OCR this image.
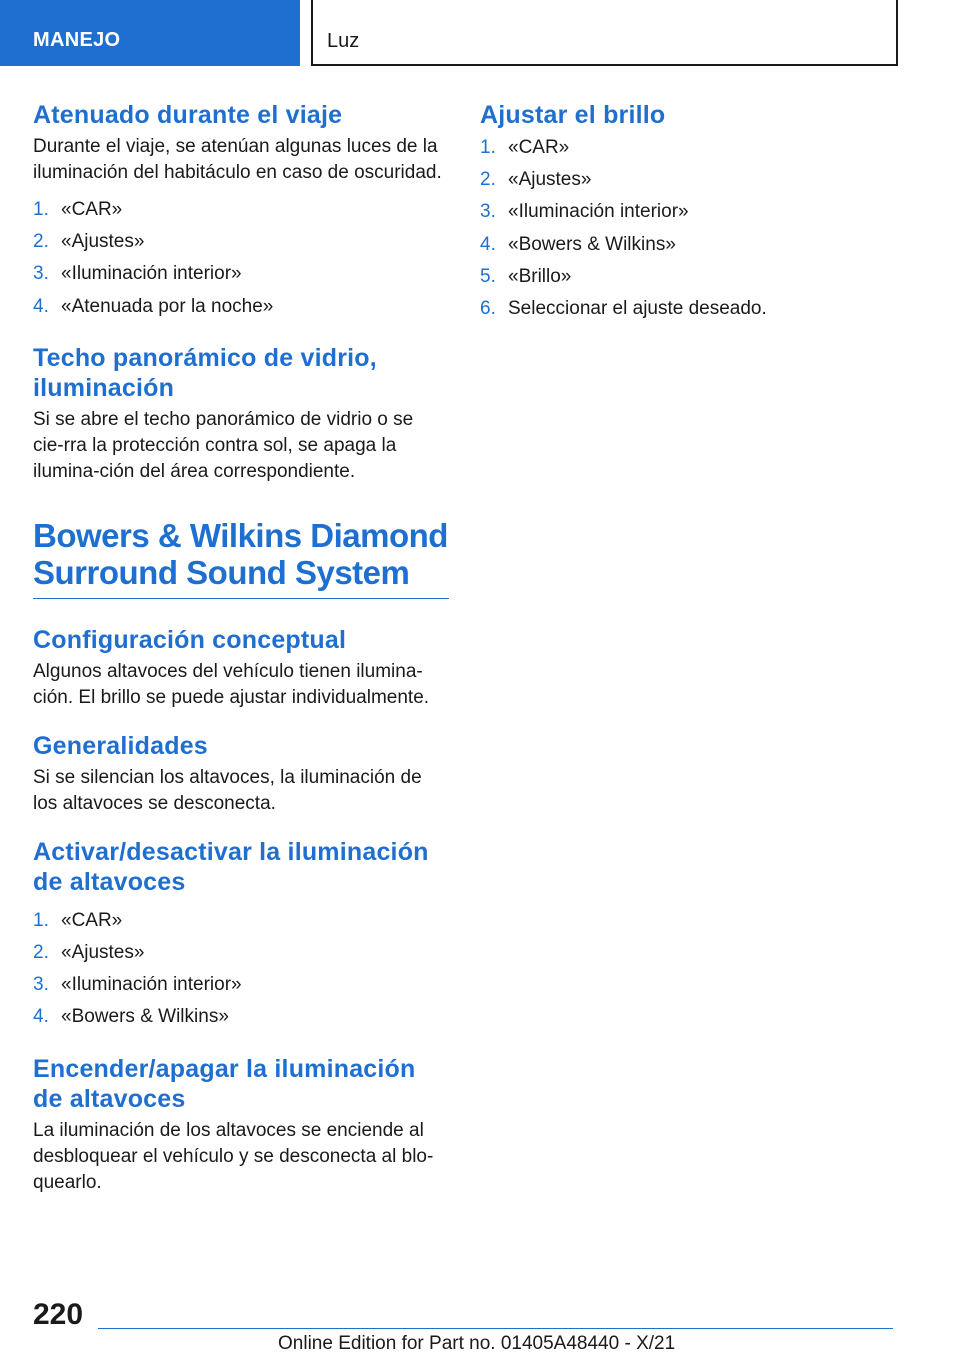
MANEJO	Luz
Atenuado durante el viaje

Durante el viaje, se atenúan algunas luces de la iluminación del habitáculo en caso de oscuridad.

1. «CAR»
2. «Ajustes»
3. «Iluminación interior»
4. «Atenuada por la noche»
Techo panorámico de vidrio, iluminación

Si se abre el techo panorámico de vidrio o se cie-rra la protección contra sol, se apaga la ilumina-ción del área correspondiente.

Bowers & Wilkins Diamond Surround Sound System
Configuración conceptual

Algunos altavoces del vehículo tienen ilumina-ción. El brillo se puede ajustar individualmente.

Generalidades

Si se silencian los altavoces, la iluminación de los altavoces se desconecta.

Activar/desactivar la iluminación de altavoces
1. «CAR»
2. «Ajustes»
3. «Iluminación interior»
4. «Bowers & Wilkins»
Encender/apagar la iluminación de altavoces

La iluminación de los altavoces se enciende al desbloquear el vehículo y se desconecta al blo-quearlo.

Ajustar el brillo
1. «CAR»
2. «Ajustes»
3. «Iluminación interior»
4. «Bowers & Wilkins»
5. «Brillo»
6. Seleccionar el ajuste deseado.
220
Online Edition for Part no. 01405A48440 - X/21
